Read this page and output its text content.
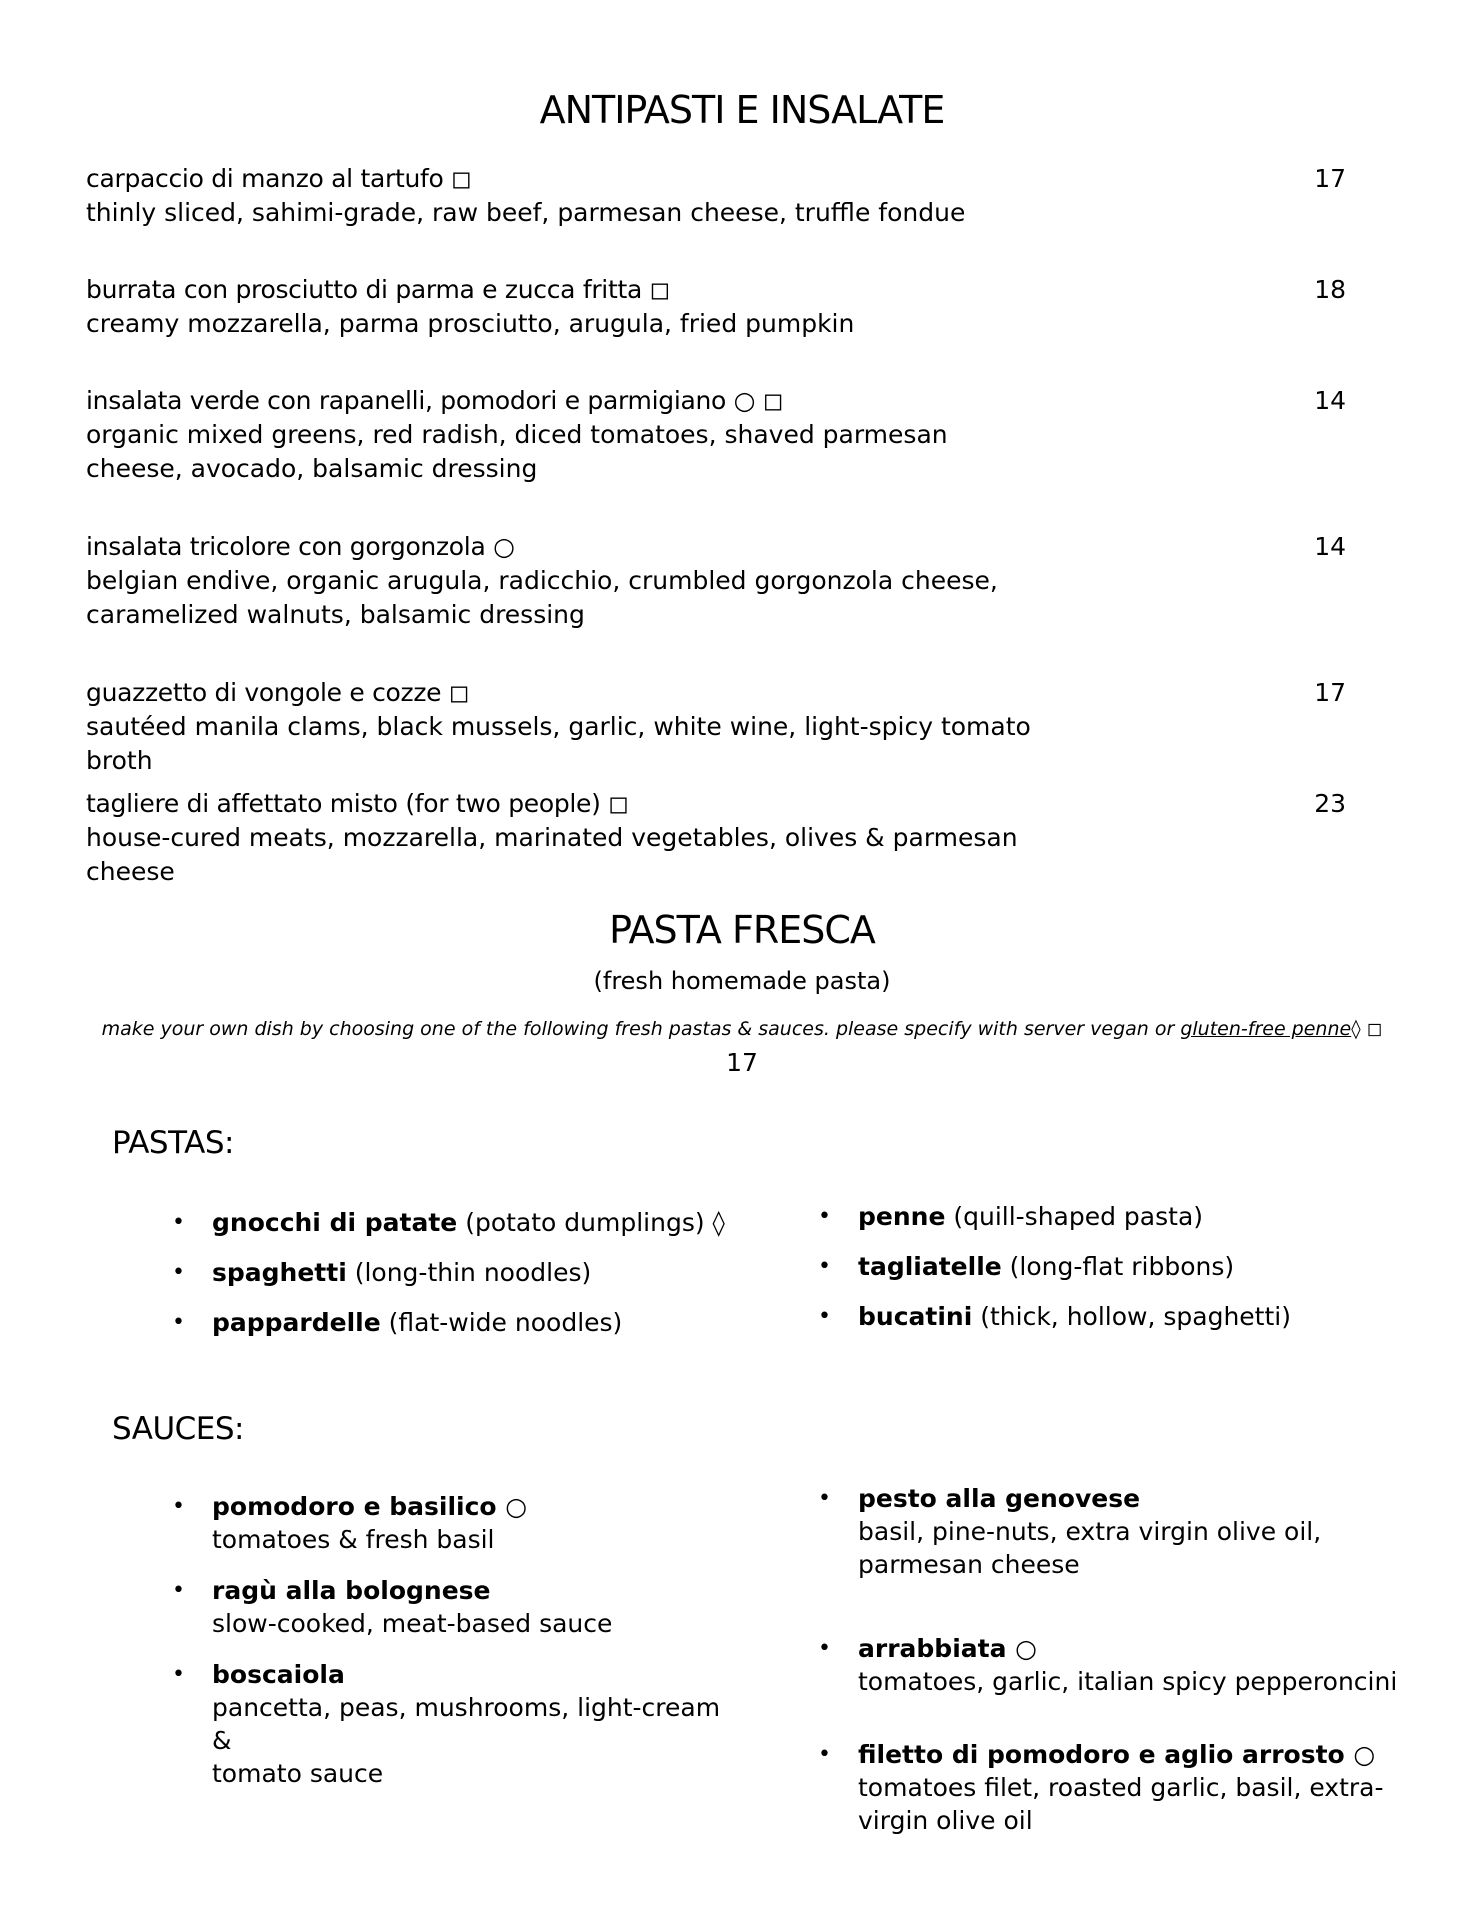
ANTIPASTI E INSALATE
carpaccio di manzo al tartufo ◻
thinly sliced, sahimi-grade, raw beef, parmesan cheese, truffle fondue
17
burrata con prosciutto di parma e zucca fritta ◻
creamy mozzarella, parma prosciutto, arugula, fried pumpkin
18
insalata verde con rapanelli, pomodori e parmigiano ○ ◻
organic mixed greens, red radish, diced tomatoes, shaved parmesan cheese, avocado, balsamic dressing
14
insalata tricolore con gorgonzola ○
belgian endive, organic arugula, radicchio, crumbled gorgonzola cheese, caramelized walnuts, balsamic dressing
14
guazzetto di vongole e cozze ◻
sautéed manila clams, black mussels, garlic, white wine, light-spicy tomato broth
17
tagliere di affettato misto (for two people) ◻
house-cured meats, mozzarella, marinated vegetables, olives & parmesan cheese
23
PASTA FRESCA
(fresh homemade pasta)
make your own dish by choosing one of the following fresh pastas & sauces. please specify with server vegan or gluten-free penne◊ ◻
17
PASTAS:
• gnocchi di patate (potato dumplings) ◊
• spaghetti (long-thin noodles)
• pappardelle (flat-wide noodles)
• penne (quill-shaped pasta)
• tagliatelle (long-flat ribbons)
• bucatini (thick, hollow, spaghetti)
SAUCES:
• pomodoro e basilico ○
tomatoes & fresh basil
• ragù alla bolognese
slow-cooked, meat-based sauce
• boscaiola
pancetta, peas, mushrooms, light-cream &
tomato sauce
• pesto alla genovese
basil, pine-nuts, extra virgin olive oil,
parmesan cheese
• arrabbiata ○
tomatoes, garlic, italian spicy pepperoncini
• filetto di pomodoro e aglio arrosto ○
tomatoes filet, roasted garlic, basil, extra-
virgin olive oil
